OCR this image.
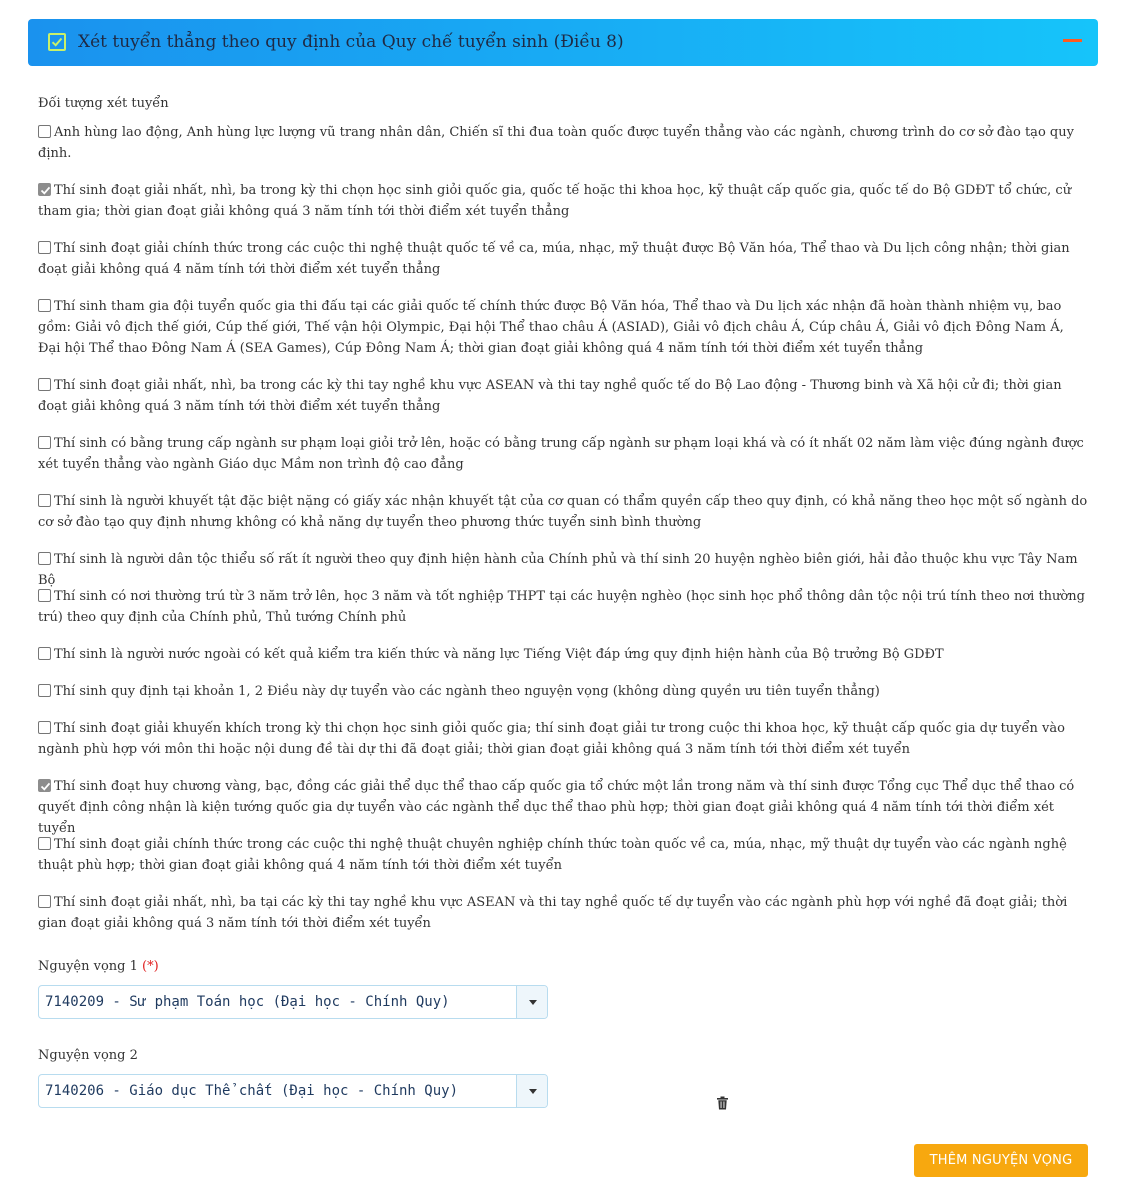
Xét tuyển thẳng theo quy định của Quy chế tuyển sinh (Điều 8)
Đối tượng xét tuyển
Anh hùng lao động, Anh hùng lực lượng vũ trang nhân dân, Chiến sĩ thi đua toàn quốc được tuyển thẳng vào các ngành, chương trình do cơ sở đào tạo quy định.
Thí sinh đoạt giải nhất, nhì, ba trong kỳ thi chọn học sinh giỏi quốc gia, quốc tế hoặc thi khoa học, kỹ thuật cấp quốc gia, quốc tế do Bộ GDĐT tổ chức, cử tham gia; thời gian đoạt giải không quá 3 năm tính tới thời điểm xét tuyển thẳng
Thí sinh đoạt giải chính thức trong các cuộc thi nghệ thuật quốc tế về ca, múa, nhạc, mỹ thuật được Bộ Văn hóa, Thể thao và Du lịch công nhận; thời gian đoạt giải không quá 4 năm tính tới thời điểm xét tuyển thẳng
Thí sinh tham gia đội tuyển quốc gia thi đấu tại các giải quốc tế chính thức được Bộ Văn hóa, Thể thao và Du lịch xác nhận đã hoàn thành nhiệm vụ, bao gồm: Giải vô địch thế giới, Cúp thế giới, Thế vận hội Olympic, Đại hội Thể thao châu Á (ASIAD), Giải vô địch châu Á, Cúp châu Á, Giải vô địch Đông Nam Á, Đại hội Thể thao Đông Nam Á (SEA Games), Cúp Đông Nam Á; thời gian đoạt giải không quá 4 năm tính tới thời điểm xét tuyển thẳng
Thí sinh đoạt giải nhất, nhì, ba trong các kỳ thi tay nghề khu vực ASEAN và thi tay nghề quốc tế do Bộ Lao động - Thương binh và Xã hội cử đi; thời gian đoạt giải không quá 3 năm tính tới thời điểm xét tuyển thẳng
Thí sinh có bằng trung cấp ngành sư phạm loại giỏi trở lên, hoặc có bằng trung cấp ngành sư phạm loại khá và có ít nhất 02 năm làm việc đúng ngành được xét tuyển thẳng vào ngành Giáo dục Mầm non trình độ cao đẳng
Thí sinh là người khuyết tật đặc biệt nặng có giấy xác nhận khuyết tật của cơ quan có thẩm quyền cấp theo quy định, có khả năng theo học một số ngành do cơ sở đào tạo quy định nhưng không có khả năng dự tuyển theo phương thức tuyển sinh bình thường
Thí sinh là người dân tộc thiểu số rất ít người theo quy định hiện hành của Chính phủ và thí sinh 20 huyện nghèo biên giới, hải đảo thuộc khu vực Tây Nam Bộ
Thí sinh có nơi thường trú từ 3 năm trở lên, học 3 năm và tốt nghiệp THPT tại các huyện nghèo (học sinh học phổ thông dân tộc nội trú tính theo nơi thường trú) theo quy định của Chính phủ, Thủ tướng Chính phủ
Thí sinh là người nước ngoài có kết quả kiểm tra kiến thức và năng lực Tiếng Việt đáp ứng quy định hiện hành của Bộ trưởng Bộ GDĐT
Thí sinh quy định tại khoản 1, 2 Điều này dự tuyển vào các ngành theo nguyện vọng (không dùng quyền ưu tiên tuyển thẳng)
Thí sinh đoạt giải khuyến khích trong kỳ thi chọn học sinh giỏi quốc gia; thí sinh đoạt giải tư trong cuộc thi khoa học, kỹ thuật cấp quốc gia dự tuyển vào ngành phù hợp với môn thi hoặc nội dung đề tài dự thi đã đoạt giải; thời gian đoạt giải không quá 3 năm tính tới thời điểm xét tuyển
Thí sinh đoạt huy chương vàng, bạc, đồng các giải thể dục thể thao cấp quốc gia tổ chức một lần trong năm và thí sinh được Tổng cục Thể dục thể thao có quyết định công nhận là kiện tướng quốc gia dự tuyển vào các ngành thể dục thể thao phù hợp; thời gian đoạt giải không quá 4 năm tính tới thời điểm xét tuyển
Thí sinh đoạt giải chính thức trong các cuộc thi nghệ thuật chuyên nghiệp chính thức toàn quốc về ca, múa, nhạc, mỹ thuật dự tuyển vào các ngành nghệ thuật phù hợp; thời gian đoạt giải không quá 4 năm tính tới thời điểm xét tuyển
Thí sinh đoạt giải nhất, nhì, ba tại các kỳ thi tay nghề khu vực ASEAN và thi tay nghề quốc tế dự tuyển vào các ngành phù hợp với nghề đã đoạt giải; thời gian đoạt giải không quá 3 năm tính tới thời điểm xét tuyển
Nguyện vọng 1 (*)
7140209 - Sư phạm Toán học (Đại học - Chính Quy)
Nguyện vọng 2
7140206 - Giáo dục Thể chất (Đại học - Chính Quy)
THÊM NGUYỆN VỌNG
